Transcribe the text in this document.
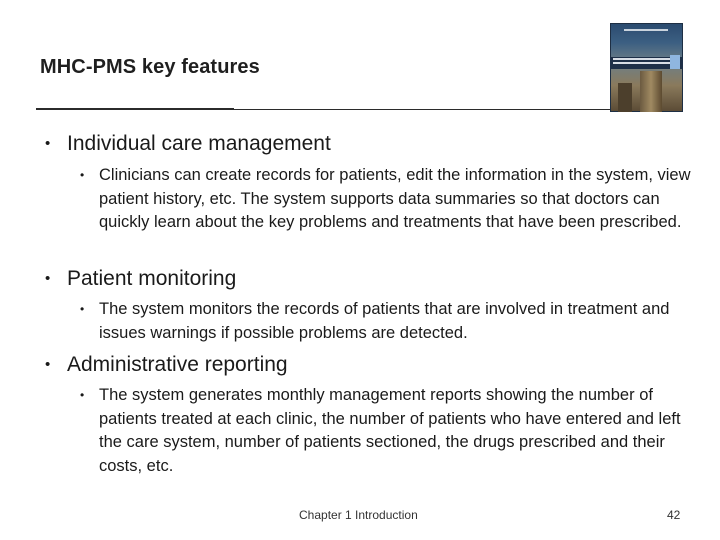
MHC-PMS key features
• Individual care management
• Clinicians can create records for patients, edit the information in the system, view patient history, etc. The system supports data summaries so that doctors can quickly learn about the key problems and treatments that have been prescribed.
• Patient monitoring
• The system monitors the records of patients that are involved in treatment and issues warnings if possible problems are detected.
• Administrative reporting
• The system generates monthly management reports showing the number of patients treated at each clinic, the number of patients who have entered and left the care system, number of patients sectioned, the drugs prescribed and their costs, etc.
Chapter 1 Introduction	42
